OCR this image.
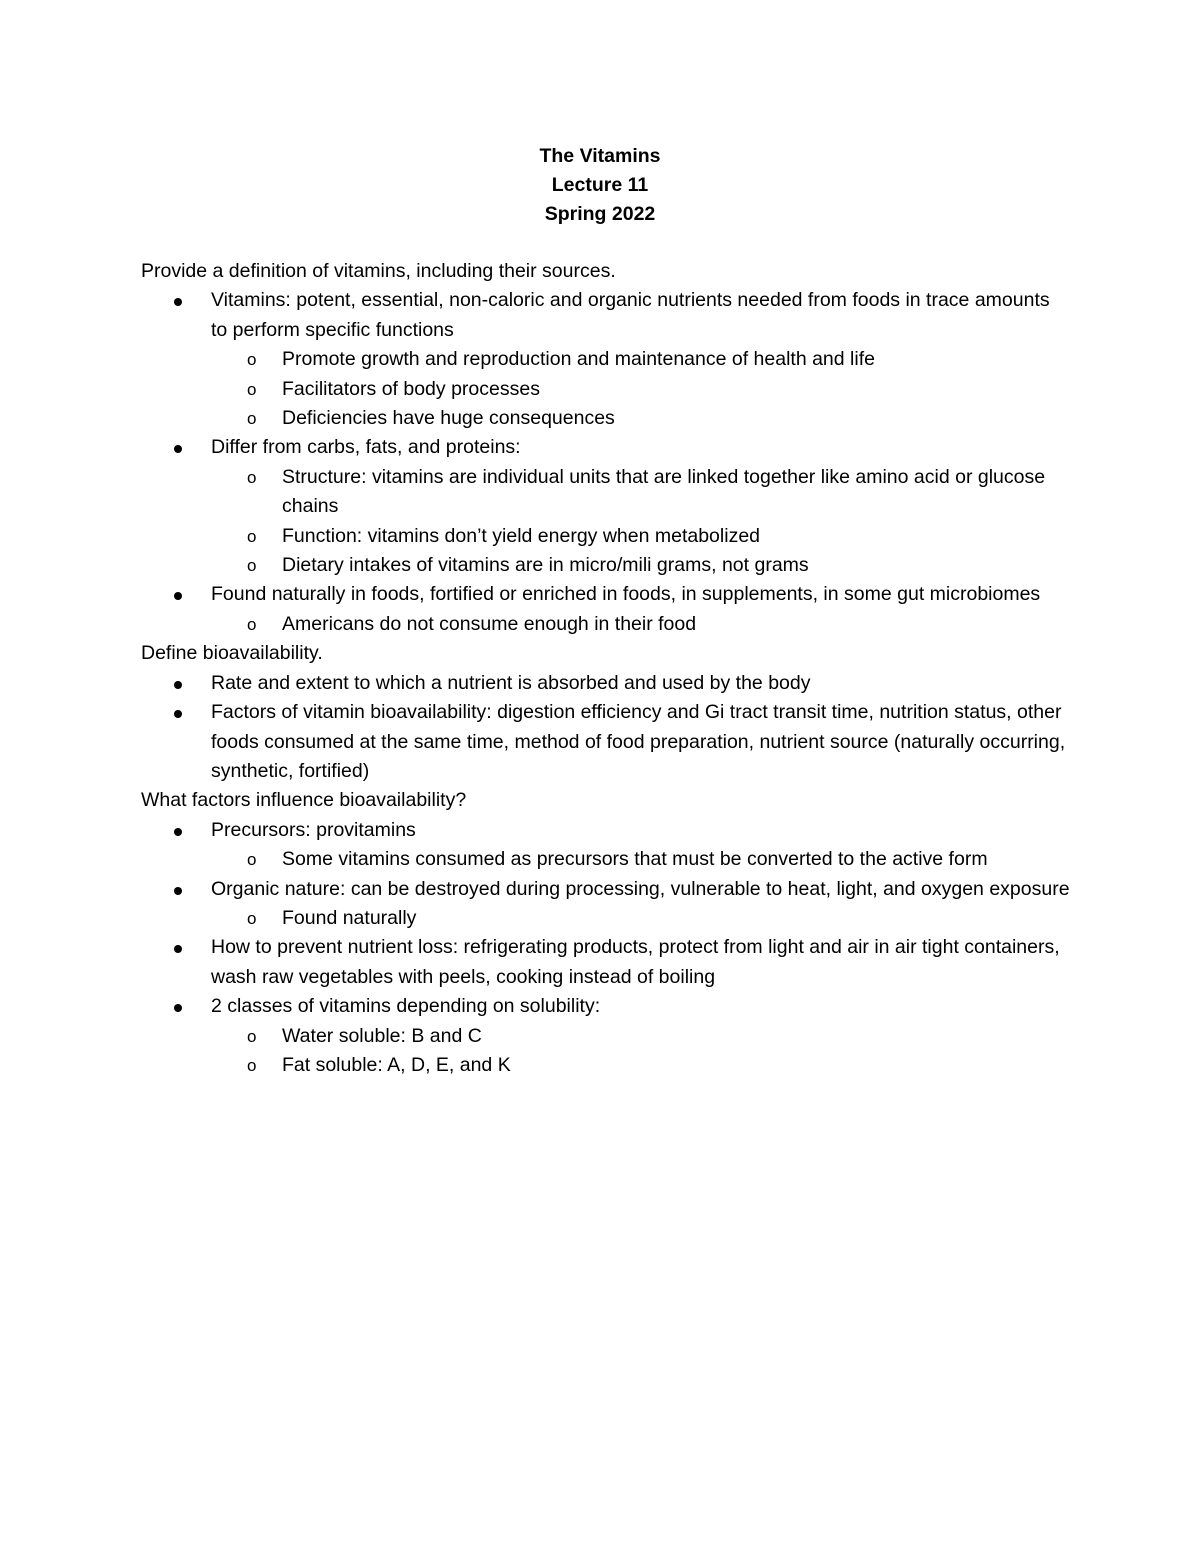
The Vitamins
Lecture 11
Spring 2022
Provide a definition of vitamins, including their sources.
Vitamins: potent, essential, non-caloric and organic nutrients needed from foods in trace amounts to perform specific functions
o Promote growth and reproduction and maintenance of health and life
o Facilitators of body processes
o Deficiencies have huge consequences
Differ from carbs, fats, and proteins:
o Structure: vitamins are individual units that are linked together like amino acid or glucose chains
o Function: vitamins don’t yield energy when metabolized
o Dietary intakes of vitamins are in micro/mili grams, not grams
Found naturally in foods, fortified or enriched in foods, in supplements, in some gut microbiomes
o Americans do not consume enough in their food
Define bioavailability.
Rate and extent to which a nutrient is absorbed and used by the body
Factors of vitamin bioavailability: digestion efficiency and Gi tract transit time, nutrition status, other foods consumed at the same time, method of food preparation, nutrient source (naturally occurring, synthetic, fortified)
What factors influence bioavailability?
Precursors: provitamins
o Some vitamins consumed as precursors that must be converted to the active form
Organic nature: can be destroyed during processing, vulnerable to heat, light, and oxygen exposure
o Found naturally
How to prevent nutrient loss: refrigerating products, protect from light and air in air tight containers, wash raw vegetables with peels, cooking instead of boiling
2 classes of vitamins depending on solubility:
o Water soluble: B and C
o Fat soluble: A, D, E, and K
